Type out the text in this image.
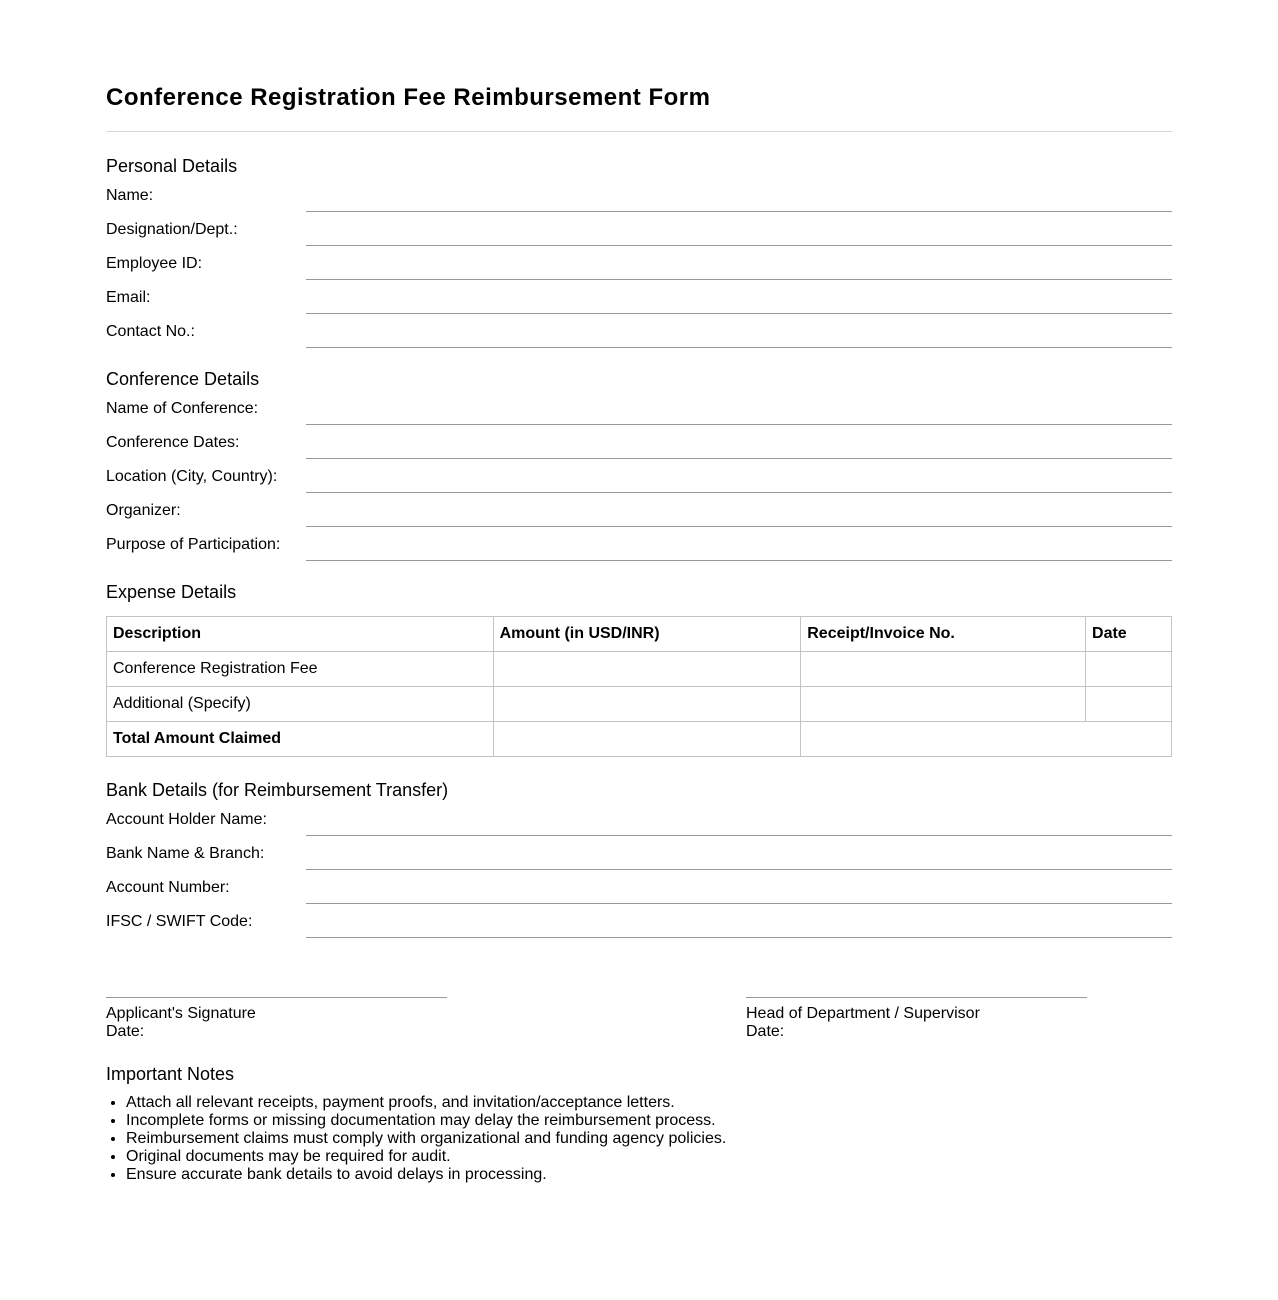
Conference Registration Fee Reimbursement Form
Personal Details
Name:
Designation/Dept.:
Employee ID:
Email:
Contact No.:
Conference Details
Name of Conference:
Conference Dates:
Location (City, Country):
Organizer:
Purpose of Participation:
Expense Details
Description	Amount (in USD/INR)	Receipt/Invoice No.	Date
Conference Registration Fee			
Additional (Specify)			
Total Amount Claimed			
Bank Details (for Reimbursement Transfer)
Account Holder Name:
Bank Name & Branch:
Account Number:
IFSC / SWIFT Code:
Applicant's Signature
Date:
Head of Department / Supervisor
Date:
Important Notes
• Attach all relevant receipts, payment proofs, and invitation/acceptance letters.
• Incomplete forms or missing documentation may delay the reimbursement process.
• Reimbursement claims must comply with organizational and funding agency policies.
• Original documents may be required for audit.
• Ensure accurate bank details to avoid delays in processing.
